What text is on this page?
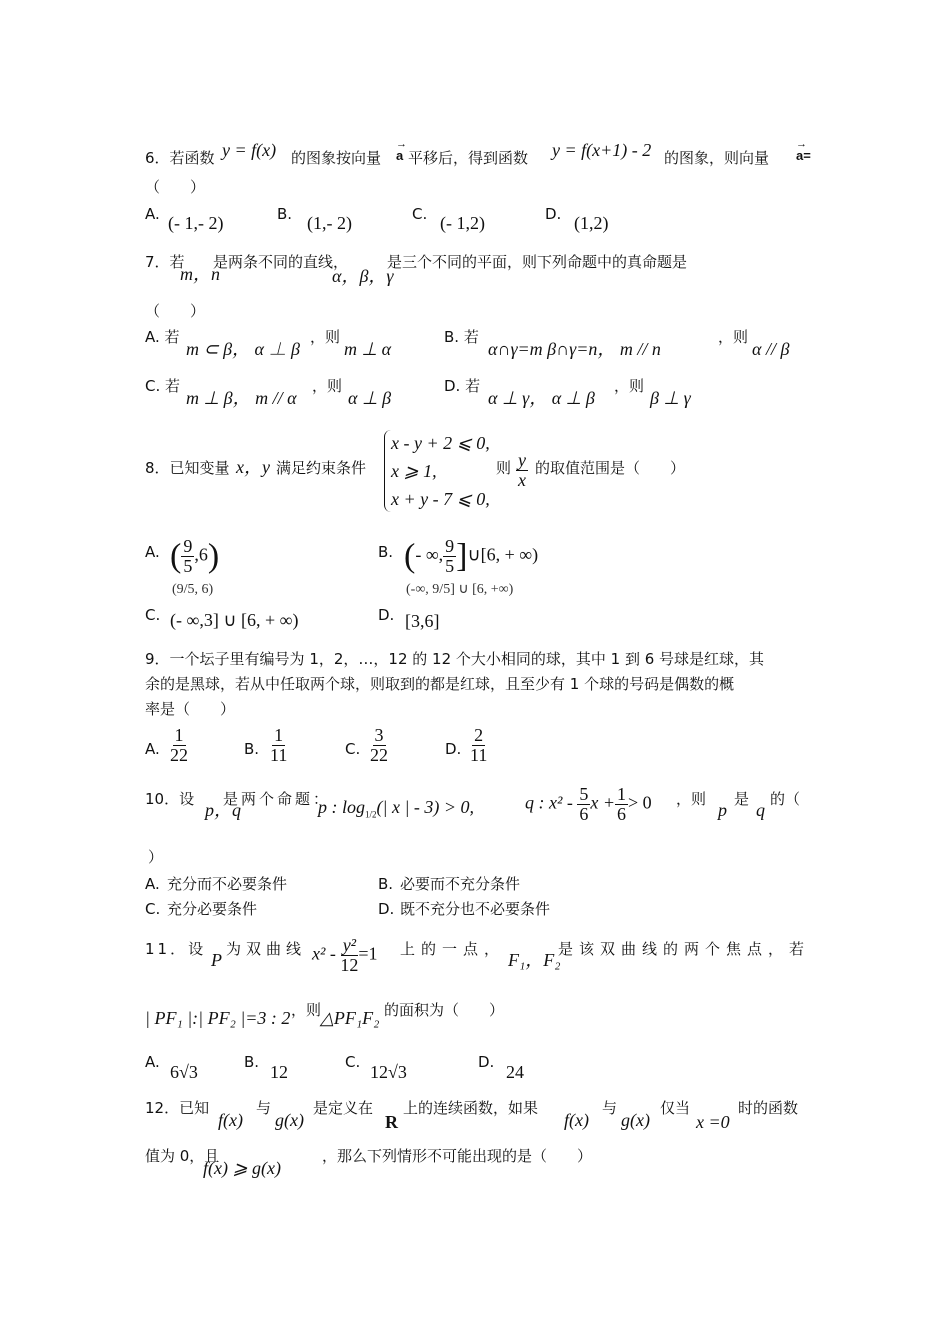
6．若函数 y = f(x) 的图象按向量 → a 平移后，得到函数 y = f(x+1) - 2 的图象，则向量 → a=
（　　）
A. (- 1,- 2)	B. (1,- 2)	C. (- 1,2)	D. (1,2)
7．若
m，n
是两条不同的直线，
α，β，γ
是三个不同的平面，则下列命题中的真命题是
（　　）
A. 若
m ⊂ β， α ⊥ β
，则
m ⊥ α
B. 若
α∩γ=m β∩γ=n， m // n
，则
α // β
C. 若
m ⊥ β， m // α
，则
α ⊥ β
D. 若
α ⊥ γ， α ⊥ β
，则
β ⊥ γ
8．已知变量 x，y 满足约束条件
x - y + 2 ⩽ 0,
x ⩾ 1,
x + y - 7 ⩽ 0,
则 $\frac{y}{x}$ 的取值范围是（　　）
A. ( $\frac{9}{5} ,6$)
(9/5, 6)
B. (- ∞, $\frac{9}{5}$ ]∪[6, + ∞)
(-∞, 9/5] ∪ [6, +∞)
C. (- ∞,3] ∪ [6, + ∞)	D. [3,6]
9．一个坛子里有编号为 1，2，…，12 的 12 个大小相同的球，其中 1 到 6 号球是红球，其
余的是黑球，若从中任取两个球，则取到的都是红球，且至少有 1 个球的号码是偶数的概
率是（　　）
A. $\frac{1}{22}$	B. $\frac{1}{11}$	C. $\frac{3}{22}$	D. $\frac{2}{11}$
10．设
p，q
是两个命题：
p : $\log_{1/2}(|$ x | - 3) > 0,	q : $x^2 - \frac{5}{6}$ $x + \frac{1}{6} > 0$ ，则
p
是
q
的（
）
A. 充分而不必要条件	B. 必要而不充分条件
C. 充分必要条件	D. 既不充分也不必要条件
11．设
P
为双曲线 $x^2 - \frac{\text{y²}}{12} =1$ 上的一点，
F₁，F₂
是该双曲线的两个焦点，若
| PF₁ |:| PF₂ |=3 : 2 ，则
△PF₁F₂ 的面积为（　　）
A. 6√3	B. 12	C. 12√3	D. 24
12．已知
f(x)
与
g(x)
是定义在
R
上的连续函数，如果
f(x)
与
g(x)
仅当
x =0
时的函数
值为 0，且
f(x) ⩾ g(x)
，那么下列情形不可能出现的是（　　）
